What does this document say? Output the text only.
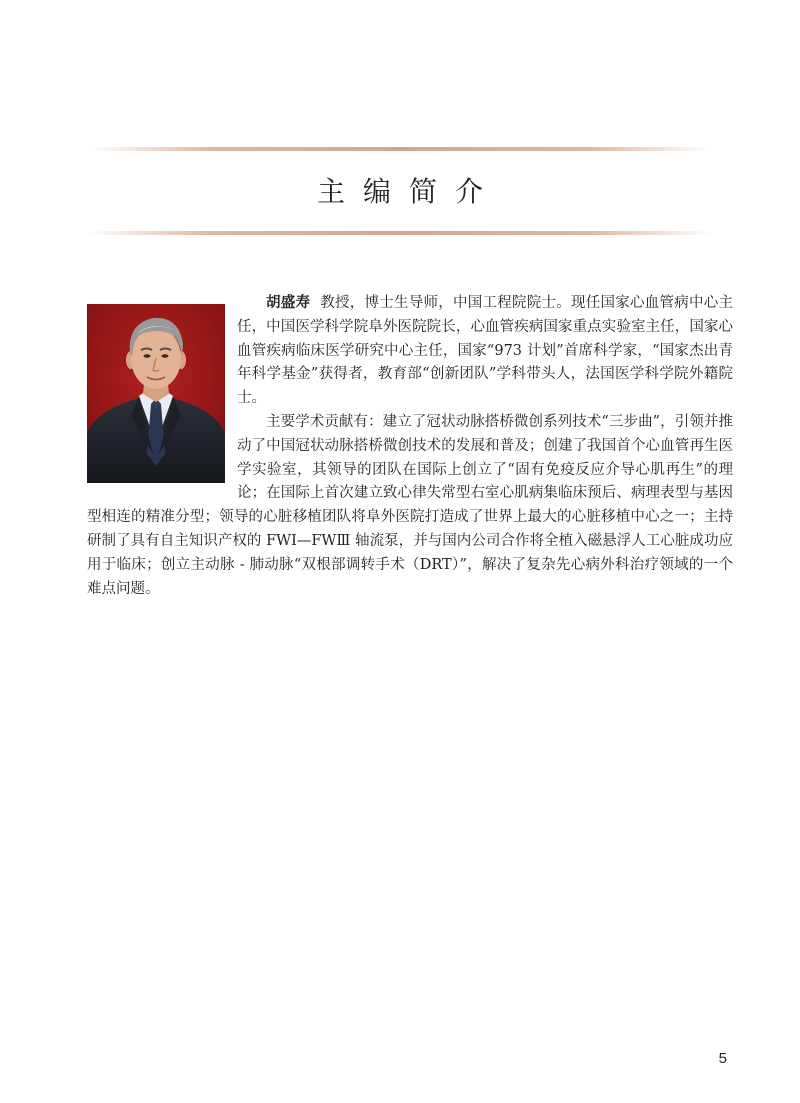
主编简介

胡盛寿 教授，博士生导师，中国工程院院士。现任国家心血管病中心主任，中国医学科学院阜外医院院长，心血管疾病国家重点实验室主任，国家心血管疾病临床医学研究中心主任，国家“973 计划”首席科学家，“国家杰出青年科学基金”获得者，教育部“创新团队”学科带头人，法国医学科学院外籍院士。

主要学术贡献有：建立了冠状动脉搭桥微创系列技术“三步曲”，引领并推动了中国冠状动脉搭桥微创技术的发展和普及；创建了我国首个心血管再生医学实验室，其领导的团队在国际上创立了“固有免疫反应介导心肌再生”的理论；在国际上首次建立致心律失常型右室心肌病集临床预后、病理表型与基因型相连的精准分型；领导的心脏移植团队将阜外医院打造成了世界上最大的心脏移植中心之一；主持研制了具有自主知识产权的 FWⅠ—FWⅢ 轴流泵，并与国内公司合作将全植入磁悬浮人工心脏成功应用于临床；创立主动脉 - 肺动脉“双根部调转手术（DRT）”，解决了复杂先心病外科治疗领域的一个难点问题。

5
